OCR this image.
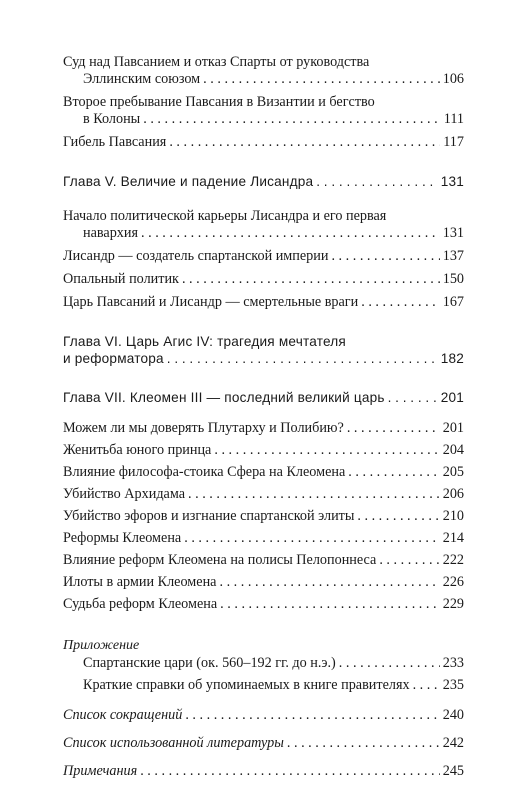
Суд над Павсанием и отказ Спарты от руководства
Эллинским союзом . . .	106
Второе пребывание Павсания в Византии и бегство
в Колоны . . .	111
Гибель Павсания . . .	117
Глава V. Величие и падение Лисандра . . .	131
Начало политической карьеры Лисандра и его первая
наварxия . . .	131
Лисандр — создатель спартанской империи . . .	137
Опальный политик . . .	150
Царь Павсаний и Лисандр — смертельные враги . . .	167
Глава VI. Царь Агис IV: трагедия мечтателя
и реформатора . . .	182
Глава VII. Клеомен III — последний великий царь . . .	201
Можем ли мы доверять Плутарху и Полибию? . . .	201
Женитьба юного принца . . .	204
Влияние философа-стоика Сфера на Клеомена . . .	205
Убийство Архидама . . .	206
Убийство эфоров и изгнание спартанской элиты . . .	210
Реформы Клеомена . . .	214
Влияние реформ Клеомена на полисы Пелопоннеса . . .	222
Илоты в армии Клеомена . . .	226
Судьба реформ Клеомена . . .	229
Приложение
Спартанские цари (ок. 560–192 гг. до н.э.) . . .	233
Краткие справки об упоминаемых в книге правителях . . . 235
Список сокращений . . .	240
Список использованной литературы . . .	242
Примечания . . .	245
